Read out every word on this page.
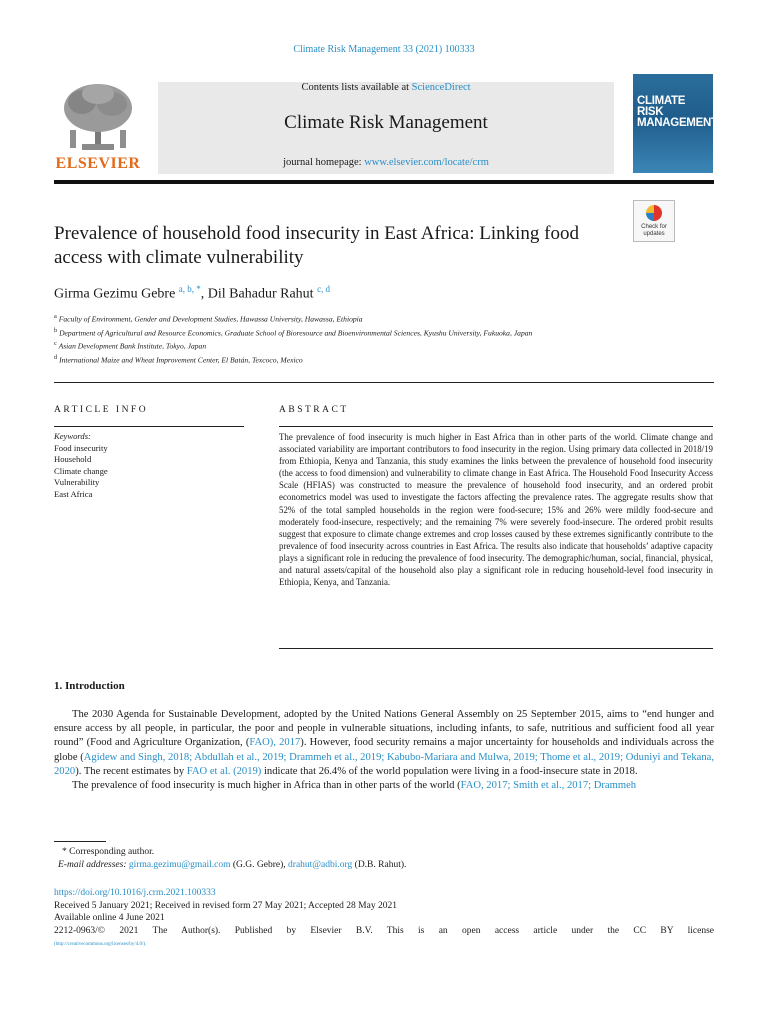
Climate Risk Management 33 (2021) 100333
ELSEVIER
Contents lists available at ScienceDirect
Climate Risk Management
journal homepage: www.elsevier.com/locate/crm
CLIMATE RISK MANAGEMENT
Check for updates
Prevalence of household food insecurity in East Africa: Linking food access with climate vulnerability
Girma Gezimu Gebre $^{a, b, *}$, Dil Bahadur Rahut $^{c, d}$
$^a$ Faculty of Environment, Gender and Development Studies, Hawassa University, Hawassa, Ethiopia
$^b$ Department of Agricultural and Resource Economics, Graduate School of Bioresource and Bioenvironmental Sciences, Kyushu University, Fukuoka, Japan
$^c$ Asian Development Bank Institute, Tokyo, Japan
$^d$ International Maize and Wheat Improvement Center, El Batán, Texcoco, Mexico
ARTICLE INFO
Keywords:
Food insecurity
Household
Climate change
Vulnerability
East Africa
ABSTRACT
The prevalence of food insecurity is much higher in East Africa than in other parts of the world. Climate change and associated variability are important contributors to food insecurity in the region. Using primary data collected in 2018/19 from Ethiopia, Kenya and Tanzania, this study examines the links between the prevalence of household food insecurity (the access to food dimension) and vulnerability to climate change in East Africa. The Household Food Insecurity Access Scale (HFIAS) was constructed to measure the prevalence of household food insecurity, and an ordered probit econometrics model was used to investigate the factors affecting the prevalence rates. The aggregate results show that 52% of the total sampled households in the region were food-secure; 15% and 26% were mildly food-secure and moderately food-insecure, respectively; and the remaining 7% were severely food-insecure. The ordered probit results suggest that exposure to climate change extremes and crop losses caused by these extremes significantly contribute to the prevalence of food insecurity across countries in East Africa. The results also indicate that households’ adaptive capacity plays a significant role in reducing the prevalence of food insecurity. The demographic/human, social, financial, physical, and natural assets/capital of the household also play a significant role in reducing household-level food insecurity in Ethiopia, Kenya, and Tanzania.
1. Introduction

The 2030 Agenda for Sustainable Development, adopted by the United Nations General Assembly on 25 September 2015, aims to “end hunger and ensure access by all people, in particular, the poor and people in vulnerable situations, including infants, to safe, nutritious and sufficient food all year round” (Food and Agriculture Organization, (FAO), 2017). However, food security remains a major uncertainty for households and individuals across the globe (Agidew and Singh, 2018; Abdullah et al., 2019; Drammeh et al., 2019; Kabubo-Mariara and Mulwa, 2019; Thome et al., 2019; Oduniyi and Tekana, 2020). The recent estimates by FAO et al. (2019) indicate that 26.4% of the world population were living in a food-insecure state in 2018.

The prevalence of food insecurity is much higher in Africa than in other parts of the world (FAO, 2017; Smith et al., 2017; Drammeh

* Corresponding author.
E-mail addresses: girma.gezimu@gmail.com (G.G. Gebre), drahut@adbi.org (D.B. Rahut).
https://doi.org/10.1016/j.crm.2021.100333
Received 5 January 2021; Received in revised form 27 May 2021; Accepted 28 May 2021
Available online 4 June 2021
2212-0963/© 2021 The Author(s). Published by Elsevier B.V. This is an open access article under the CC BY license
(http://creativecommons.org/licenses/by/4.0/).
